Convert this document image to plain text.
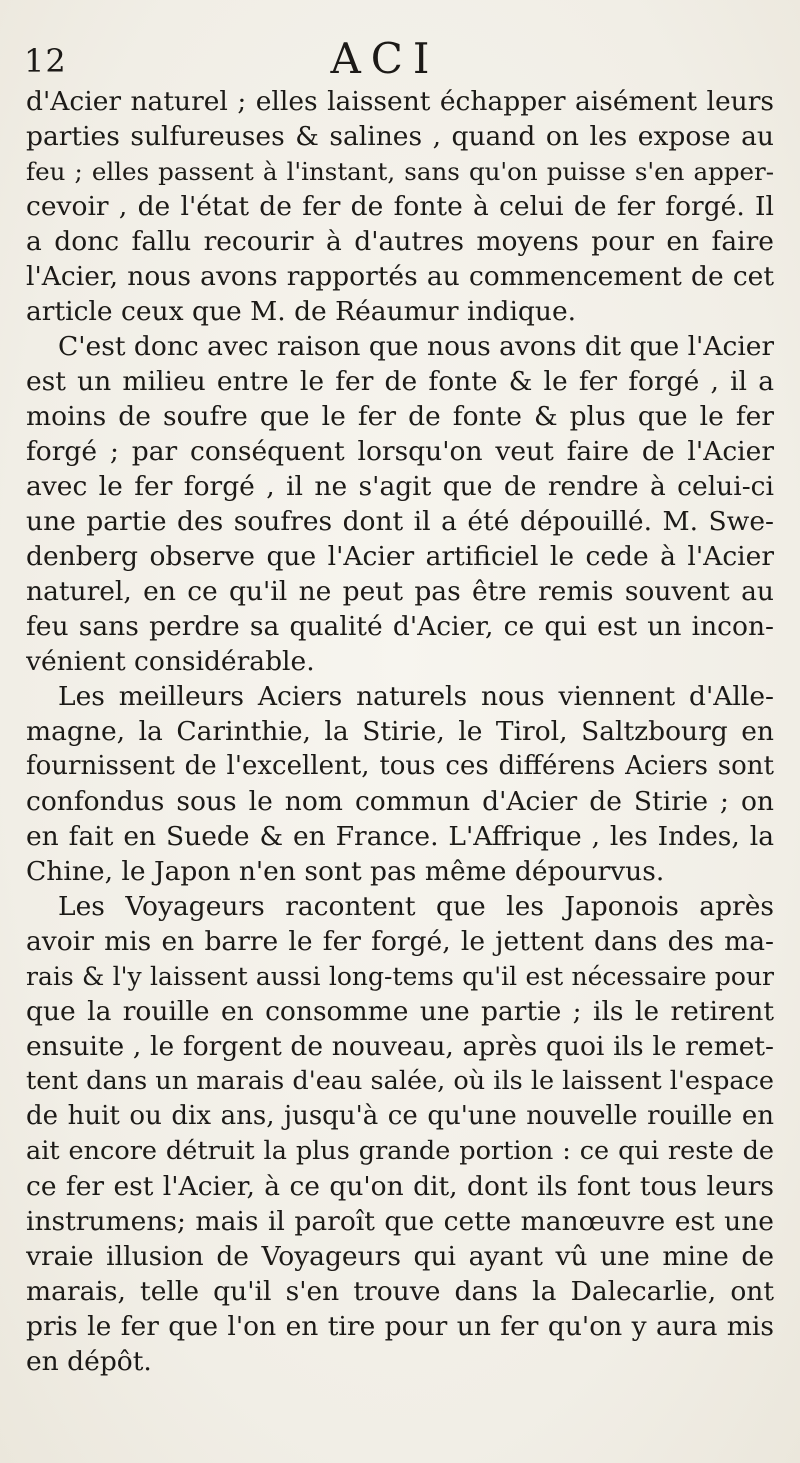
12	ACI
d'Acier naturel ; elles laissent échapper aisément leurs
parties sulfureuses & salines , quand on les expose au
feu ; elles passent à l'instant, sans qu'on puisse s'en apper-
cevoir , de l'état de fer de fonte à celui de fer forgé. Il
a donc fallu recourir à d'autres moyens pour en faire
l'Acier, nous avons rapportés au commencement de cet
article ceux que M. de Réaumur indique.
C'est donc avec raison que nous avons dit que l'Acier
est un milieu entre le fer de fonte & le fer forgé , il a
moins de soufre que le fer de fonte & plus que le fer
forgé ; par conséquent lorsqu'on veut faire de l'Acier
avec le fer forgé , il ne s'agit que de rendre à celui-ci
une partie des soufres dont il a été dépouillé. M. Swe-
denberg observe que l'Acier artificiel le cede à l'Acier
naturel, en ce qu'il ne peut pas être remis souvent au
feu sans perdre sa qualité d'Acier, ce qui est un incon-
vénient considérable.
Les meilleurs Aciers naturels nous viennent d'Alle-
magne, la Carinthie, la Stirie, le Tirol, Saltzbourg en
fournissent de l'excellent, tous ces différens Aciers sont
confondus sous le nom commun d'Acier de Stirie ; on
en fait en Suede & en France. L'Affrique , les Indes, la
Chine, le Japon n'en sont pas même dépourvus.
Les Voyageurs racontent que les Japonois après
avoir mis en barre le fer forgé, le jettent dans des ma-
rais & l'y laissent aussi long-tems qu'il est nécessaire pour
que la rouille en consomme une partie ; ils le retirent
ensuite , le forgent de nouveau, après quoi ils le remet-
tent dans un marais d'eau salée, où ils le laissent l'espace
de huit ou dix ans, jusqu'à ce qu'une nouvelle rouille en
ait encore détruit la plus grande portion : ce qui reste de
ce fer est l'Acier, à ce qu'on dit, dont ils font tous leurs
instrumens; mais il paroît que cette manœuvre est une
vraie illusion de Voyageurs qui ayant vû une mine de
marais, telle qu'il s'en trouve dans la Dalecarlie, ont
pris le fer que l'on en tire pour un fer qu'on y aura mis
en dépôt.
